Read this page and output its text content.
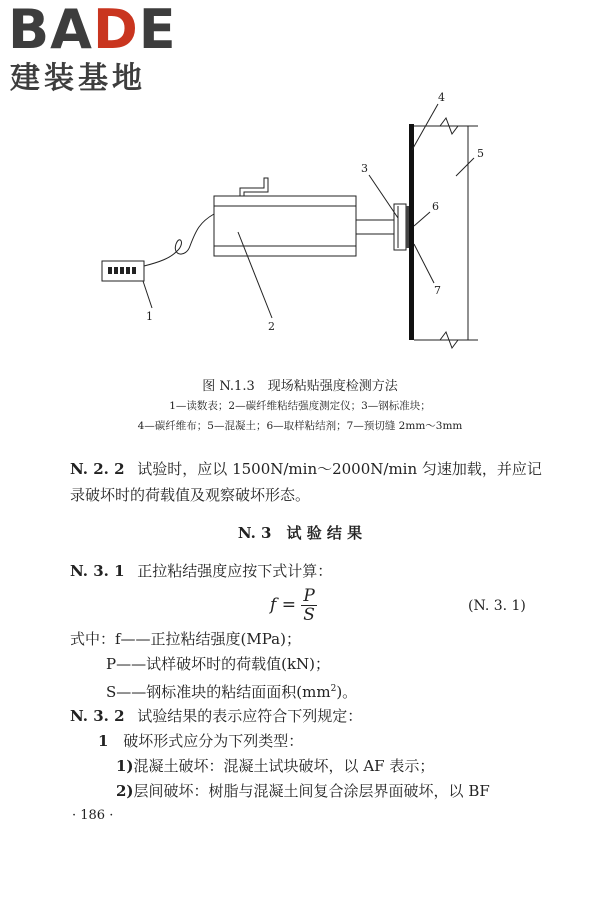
BADE
建装基地
1
2
3
4
5
6
7
图 N.1.3　现场粘贴强度检测方法
1—读数表；2—碳纤维粘结强度测定仪；3—钢标准块；
4—碳纤维布；5—混凝土；6—取样粘结剂；7—预切缝 2mm～3mm
N. 2. 2 试验时，应以 1500N/min～2000N/min 匀速加载，并应记
录破坏时的荷载值及观察破坏形态。
N. 3　试 验 结 果
N. 3. 1 正拉粘结强度应按下式计算：
$f = \frac{P}{S}$	(N. 3. 1)
式中：f——正拉粘结强度(MPa)；
P——试样破坏时的荷载值(kN)；
S——钢标准块的粘结面面积$(mm^2)$。
N. 3. 2 试验结果的表示应符合下列规定：
1 破坏形式应分为下列类型：
1)混凝土破坏：混凝土试块破坏，以 AF 表示；
2)层间破坏：树脂与混凝土间复合涂层界面破坏，以 BF
· 186 ·
